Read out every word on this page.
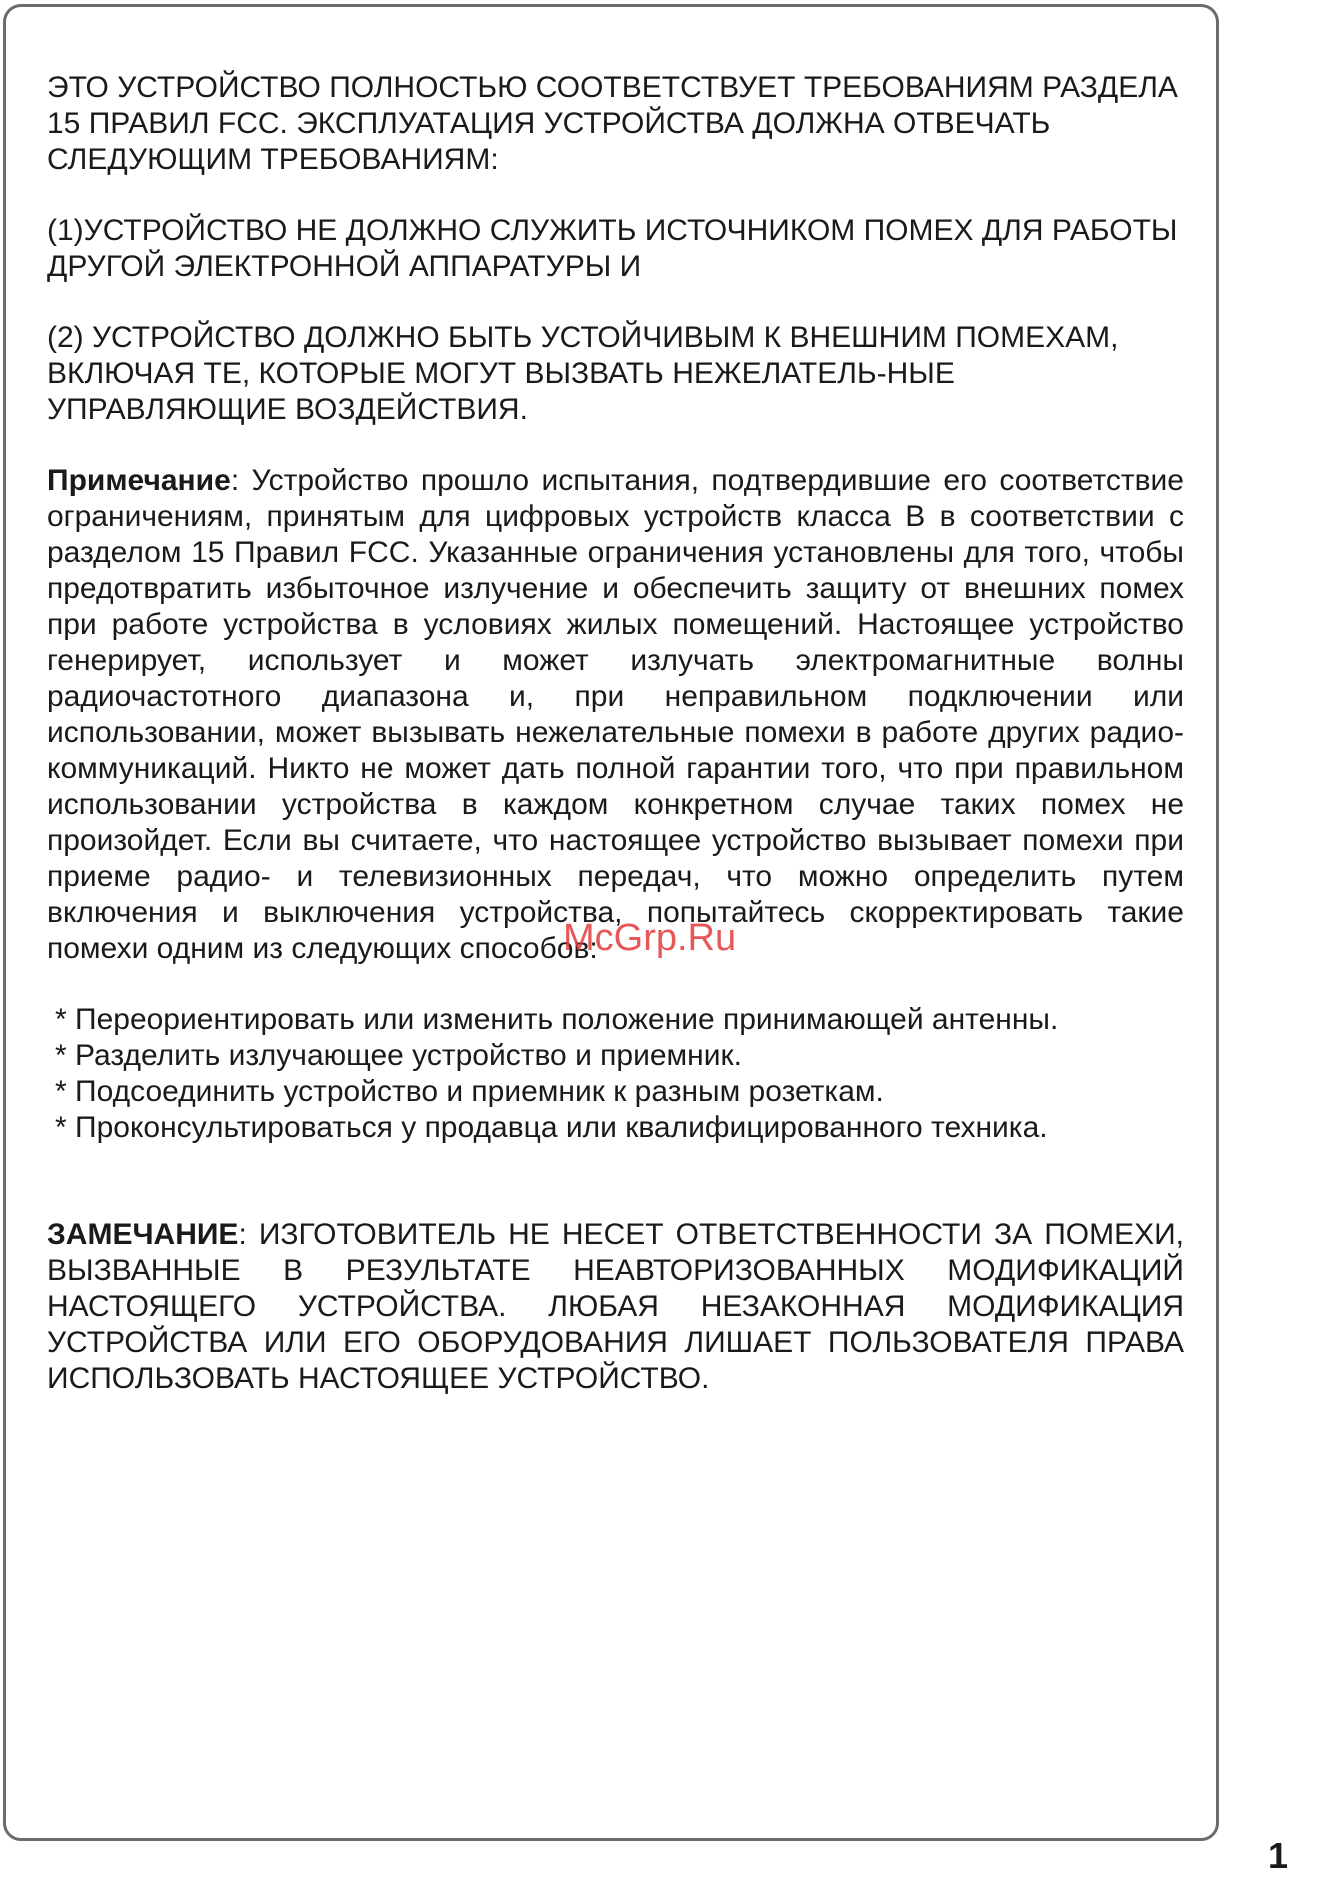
ЭТО УСТРОЙСТВО ПОЛНОСТЬЮ СООТВЕТСТВУЕТ ТРЕБОВАНИЯМ РАЗДЕЛА 15 ПРАВИЛ FCC. ЭКСПЛУАТАЦИЯ УСТРОЙСТВА ДОЛЖНА ОТВЕЧАТЬ СЛЕДУЮЩИМ ТРЕБОВАНИЯМ:

(1)УСТРОЙСТВО НЕ ДОЛЖНО СЛУЖИТЬ ИСТОЧНИКОМ ПОМЕХ ДЛЯ РАБОТЫ ДРУГОЙ ЭЛЕКТРОННОЙ АППАРАТУРЫ И

(2) УСТРОЙСТВО ДОЛЖНО БЫТЬ УСТОЙЧИВЫМ К ВНЕШНИМ ПОМЕХАМ, ВКЛЮЧАЯ ТЕ, КОТОРЫЕ МОГУТ ВЫЗВАТЬ НЕЖЕЛАТЕЛЬ-НЫЕ УПРАВЛЯЮЩИЕ ВОЗДЕЙСТВИЯ.

Примечание: Устройство прошло испытания, подтвердившие его соответствие ограничениям, принятым для цифровых устройств класса B в соответствии с разделом 15 Правил FCC. Указанные ограничения установлены для того, чтобы предотвратить избыточное излучение и обеспечить защиту от внешних помех при работе устройства в условиях жилых помещений. Настоящее устройство генерирует, использует и может излучать электромагнитные волны радиочастотного диапазона и, при неправильном подключении или использовании, может вызывать нежелательные помехи в работе других радио-коммуникаций. Никто не может дать полной гарантии того, что при правильном использовании устройства в каждом конкретном случае таких помех не произойдет. Если вы считаете, что настоящее устройство вызывает помехи при приеме радио- и телевизионных передач, что можно определить путем включения и выключения устройства, попытайтесь скорректировать такие помехи одним из следующих способов:

* Переориентировать или изменить положение принимающей антенны.
* Разделить излучающее устройство и приемник.
* Подсоединить устройство и приемник к разным розеткам.
* Проконсультироваться у продавца или квалифицированного техника.

ЗАМЕЧАНИЕ: ИЗГОТОВИТЕЛЬ НЕ НЕСЕТ ОТВЕТСТВЕННОСТИ ЗА ПОМЕХИ, ВЫЗВАННЫЕ В РЕЗУЛЬТАТЕ НЕАВТОРИЗОВАННЫХ МОДИФИКАЦИЙ НАСТОЯЩЕГО УСТРОЙСТВА. ЛЮБАЯ НЕЗАКОННАЯ МОДИФИКАЦИЯ УСТРОЙСТВА ИЛИ ЕГО ОБОРУДОВАНИЯ ЛИШАЕТ ПОЛЬЗОВАТЕЛЯ ПРАВА ИСПОЛЬЗОВАТЬ НАСТОЯЩЕЕ УСТРОЙСТВО.

McGrp.Ru
1
